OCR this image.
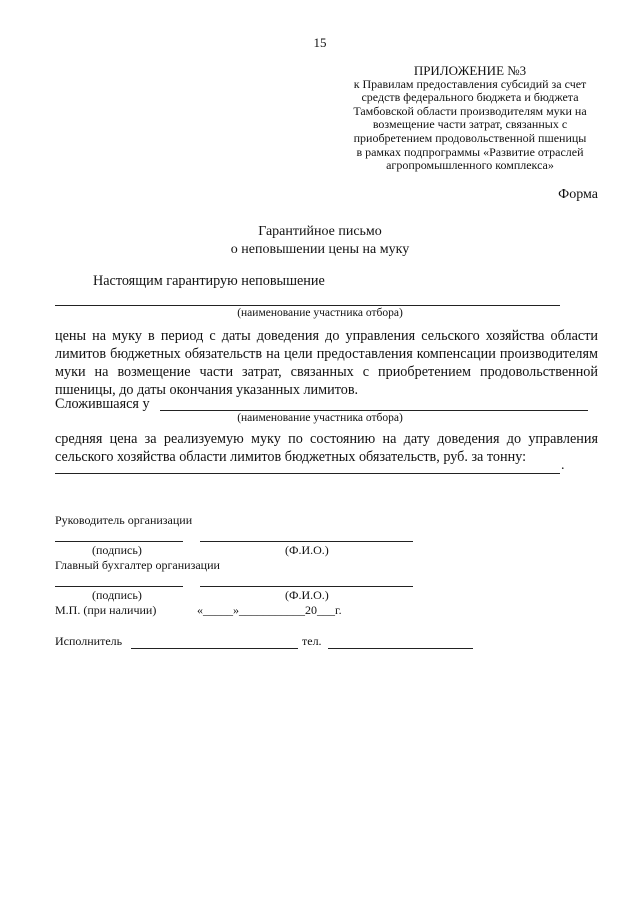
15
ПРИЛОЖЕНИЕ №3
к Правилам предоставления субсидий за счет
средств федерального бюджета и бюджета
Тамбовской области производителям муки на
возмещение части затрат, связанных с
приобретением продовольственной пшеницы
в рамках подпрограммы «Развитие отраслей
агропромышленного комплекса»
Форма
Гарантийное письмо
о неповышении цены на муку
Настоящим гарантирую неповышение
(наименование участника отбора)
цены на муку в период с даты доведения до управления сельского хозяйства области лимитов бюджетных обязательств на цели предоставления компенсации производителям муки на возмещение части затрат, связанных с приобретением продовольственной пшеницы, до даты окончания указанных лимитов.
Сложившаяся у
(наименование участника отбора)
средняя цена за реализуемую муку по состоянию на дату доведения до управления сельского хозяйства области лимитов бюджетных обязательств, руб. за тонну:
.
Руководитель организации
(подпись)	(Ф.И.О.)
Главный бухгалтер организации
(подпись)	(Ф.И.О.)
М.П. (при наличии)	«_____»___________20___г.
Исполнитель	тел.
